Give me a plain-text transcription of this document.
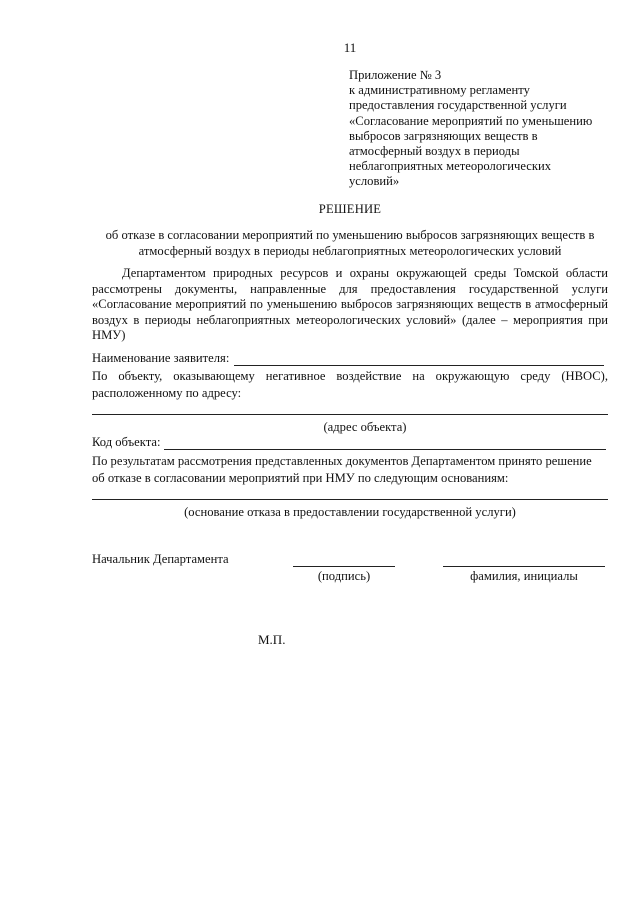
11
Приложение № 3
к административному регламенту
предоставления государственной услуги
«Согласование мероприятий по уменьшению
выбросов загрязняющих веществ в
атмосферный воздух в периоды
неблагоприятных метеорологических
условий»
РЕШЕНИЕ
об отказе в согласовании мероприятий по уменьшению выбросов загрязняющих веществ в атмосферный воздух в периоды неблагоприятных метеорологических условий
Департаментом природных ресурсов и охраны окружающей среды Томской области рассмотрены документы, направленные для предоставления государственной услуги «Согласование мероприятий по уменьшению выбросов загрязняющих веществ в атмосферный воздух в периоды неблагоприятных метеорологических условий» (далее – мероприятия при НМУ)
Наименование заявителя:
По объекту, оказывающему негативное воздействие на окружающую среду (НВОС),
расположенному по адресу:
(адрес объекта)
Код объекта:
По результатам рассмотрения представленных документов Департаментом принято решение
об отказе в согласовании мероприятий при НМУ по следующим основаниям:
(основание отказа в предоставлении государственной услуги)
Начальник Департамента
(подпись)	фамилия, инициалы
М.П.
